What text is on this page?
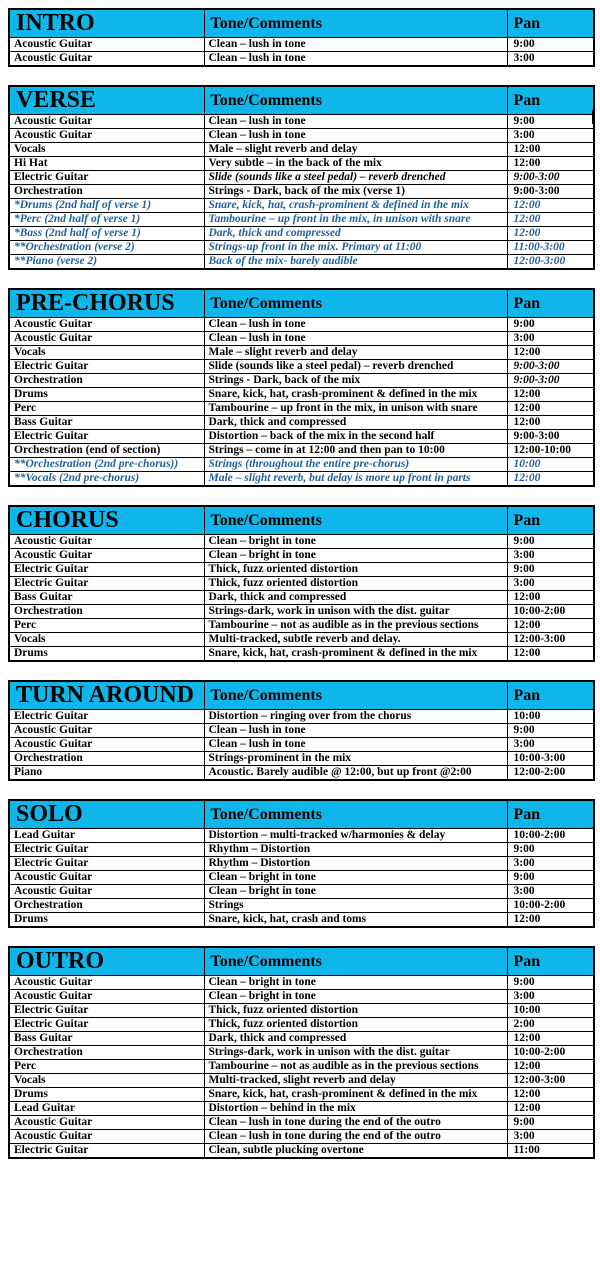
INTRO	Tone/Comments	Pan
Acoustic Guitar	Clean – lush in tone	9:00
Acoustic Guitar	Clean – lush in tone	3:00
VERSE	Tone/Comments	Pan
Acoustic Guitar	Clean – lush in tone	9:00
Acoustic Guitar	Clean – lush in tone	3:00
Vocals	Male – slight reverb and delay	12:00
Hi Hat	Very subtle – in the back of the mix	12:00
Electric Guitar	Slide (sounds like a steel pedal) – reverb drenched	9:00-3:00
Orchestration	Strings - Dark, back of the mix (verse 1)	9:00-3:00
*Drums (2nd half of verse 1)	Snare, kick, hat, crash-prominent & defined in the mix	12:00
*Perc (2nd half of verse 1)	Tambourine – up front in the mix, in unison with snare	12:00
*Bass (2nd half of verse 1)	Dark, thick and compressed	12:00
**Orchestration (verse 2)	Strings-up front in the mix. Primary at 11:00	11:00-3:00
**Piano (verse 2)	Back of the mix- barely audible	12:00-3:00
PRE-CHORUS	Tone/Comments	Pan
Acoustic Guitar	Clean – lush in tone	9:00
Acoustic Guitar	Clean – lush in tone	3:00
Vocals	Male – slight reverb and delay	12:00
Electric Guitar	Slide (sounds like a steel pedal) – reverb drenched	9:00-3:00
Orchestration	Strings - Dark, back of the mix	9:00-3:00
Drums	Snare, kick, hat, crash-prominent & defined in the mix	12:00
Perc	Tambourine – up front in the mix, in unison with snare	12:00
Bass Guitar	Dark, thick and compressed	12:00
Electric Guitar	Distortion – back of the mix in the second half	9:00-3:00
Orchestration (end of section)	Strings – come in at 12:00 and then pan to 10:00	12:00-10:00
**Orchestration (2nd pre-chorus))	Strings (throughout the entire pre-chorus)	10:00
**Vocals (2nd pre-chorus)	Male – slight reverb, but delay is more up front in parts	12:00
CHORUS	Tone/Comments	Pan
Acoustic Guitar	Clean – bright in tone	9:00
Acoustic Guitar	Clean – bright in tone	3:00
Electric Guitar	Thick, fuzz oriented distortion	9:00
Electric Guitar	Thick, fuzz oriented distortion	3:00
Bass Guitar	Dark, thick and compressed	12:00
Orchestration	Strings-dark, work in unison with the dist. guitar	10:00-2:00
Perc	Tambourine – not as audible as in the previous sections	12:00
Vocals	Multi-tracked, subtle reverb and delay.	12:00-3:00
Drums	Snare, kick, hat, crash-prominent & defined in the mix	12:00
TURN AROUND	Tone/Comments	Pan
Electric Guitar	Distortion – ringing over from the chorus	10:00
Acoustic Guitar	Clean – lush in tone	9:00
Acoustic Guitar	Clean – lush in tone	3:00
Orchestration	Strings-prominent in the mix	10:00-3:00
Piano	Acoustic. Barely audible @ 12:00, but up front @2:00	12:00-2:00
SOLO	Tone/Comments	Pan
Lead Guitar	Distortion – multi-tracked w/harmonies & delay	10:00-2:00
Electric Guitar	Rhythm – Distortion	9:00
Electric Guitar	Rhythm – Distortion	3:00
Acoustic Guitar	Clean – bright in tone	9:00
Acoustic Guitar	Clean – bright in tone	3:00
Orchestration	Strings	10:00-2:00
Drums	Snare, kick, hat, crash and toms	12:00
OUTRO	Tone/Comments	Pan
Acoustic Guitar	Clean – bright in tone	9:00
Acoustic Guitar	Clean – bright in tone	3:00
Electric Guitar	Thick, fuzz oriented distortion	10:00
Electric Guitar	Thick, fuzz oriented distortion	2:00
Bass Guitar	Dark, thick and compressed	12:00
Orchestration	Strings-dark, work in unison with the dist. guitar	10:00-2:00
Perc	Tambourine – not as audible as in the previous sections	12:00
Vocals	Multi-tracked, slight reverb and delay	12:00-3:00
Drums	Snare, kick, hat, crash-prominent & defined in the mix	12:00
Lead Guitar	Distortion – behind in the mix	12:00
Acoustic Guitar	Clean – lush in tone during the end of the outro	9:00
Acoustic Guitar	Clean – lush in tone during the end of the outro	3:00
Electric Guitar	Clean, subtle plucking overtone	11:00
